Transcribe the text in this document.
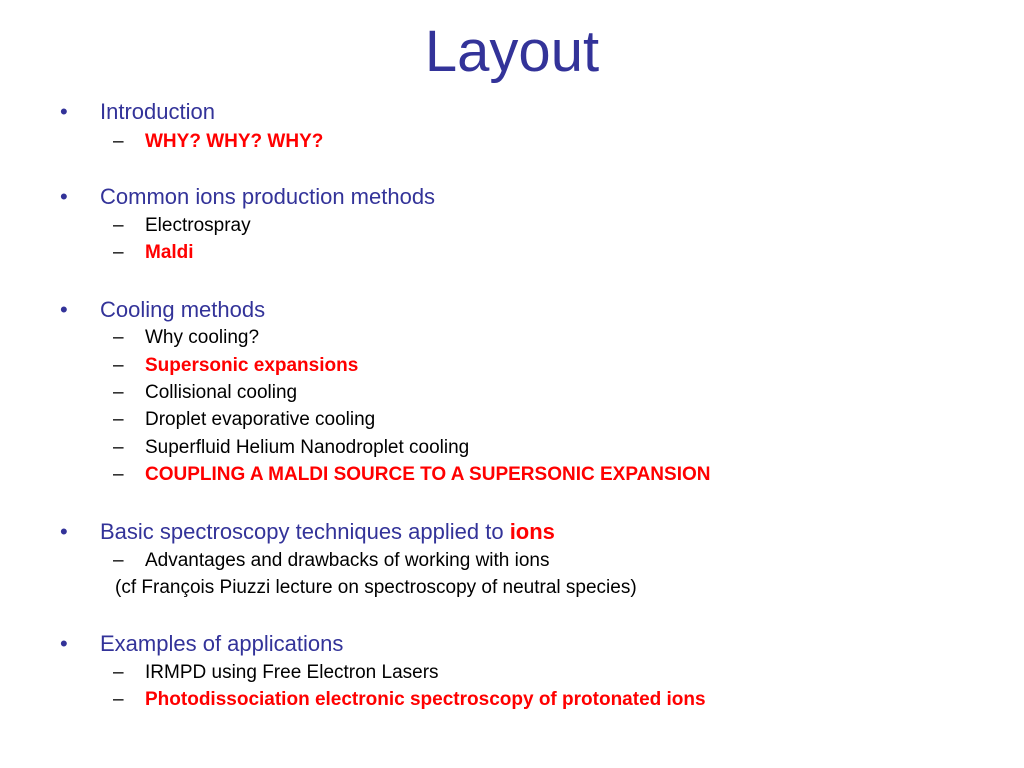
Layout
• Introduction
– WHY? WHY? WHY?
• Common ions production methods
– Electrospray
– Maldi
• Cooling methods
– Why cooling?
– Supersonic expansions
– Collisional cooling
– Droplet evaporative cooling
– Superfluid Helium Nanodroplet cooling
– COUPLING A MALDI SOURCE TO A SUPERSONIC EXPANSION
• Basic spectroscopy techniques applied to ions
– Advantages and drawbacks of working with ions
(cf François Piuzzi lecture on spectroscopy of neutral species)
• Examples of applications
– IRMPD using Free Electron Lasers
– Photodissociation electronic spectroscopy of protonated ions
